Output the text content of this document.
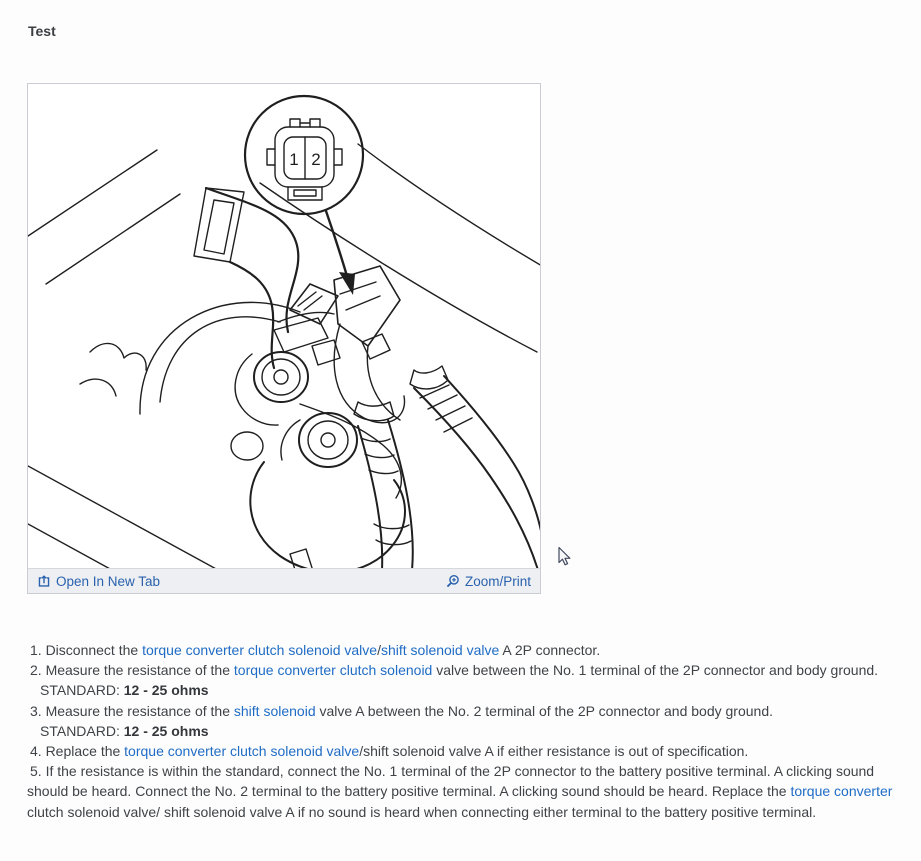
Test
1 2
Open In New Tab	Zoom/Print
1. Disconnect the torque converter clutch solenoid valve/shift solenoid valve A 2P connector.
2. Measure the resistance of the torque converter clutch solenoid valve between the No. 1 terminal of the 2P connector and body ground.
STANDARD: 12 - 25 ohms
3. Measure the resistance of the shift solenoid valve A between the No. 2 terminal of the 2P connector and body ground.
STANDARD: 12 - 25 ohms
4. Replace the torque converter clutch solenoid valve/shift solenoid valve A if either resistance is out of specification.
5. If the resistance is within the standard, connect the No. 1 terminal of the 2P connector to the battery positive terminal. A clicking sound
should be heard. Connect the No. 2 terminal to the battery positive terminal. A clicking sound should be heard. Replace the torque converter
clutch solenoid valve/ shift solenoid valve A if no sound is heard when connecting either terminal to the battery positive terminal.
